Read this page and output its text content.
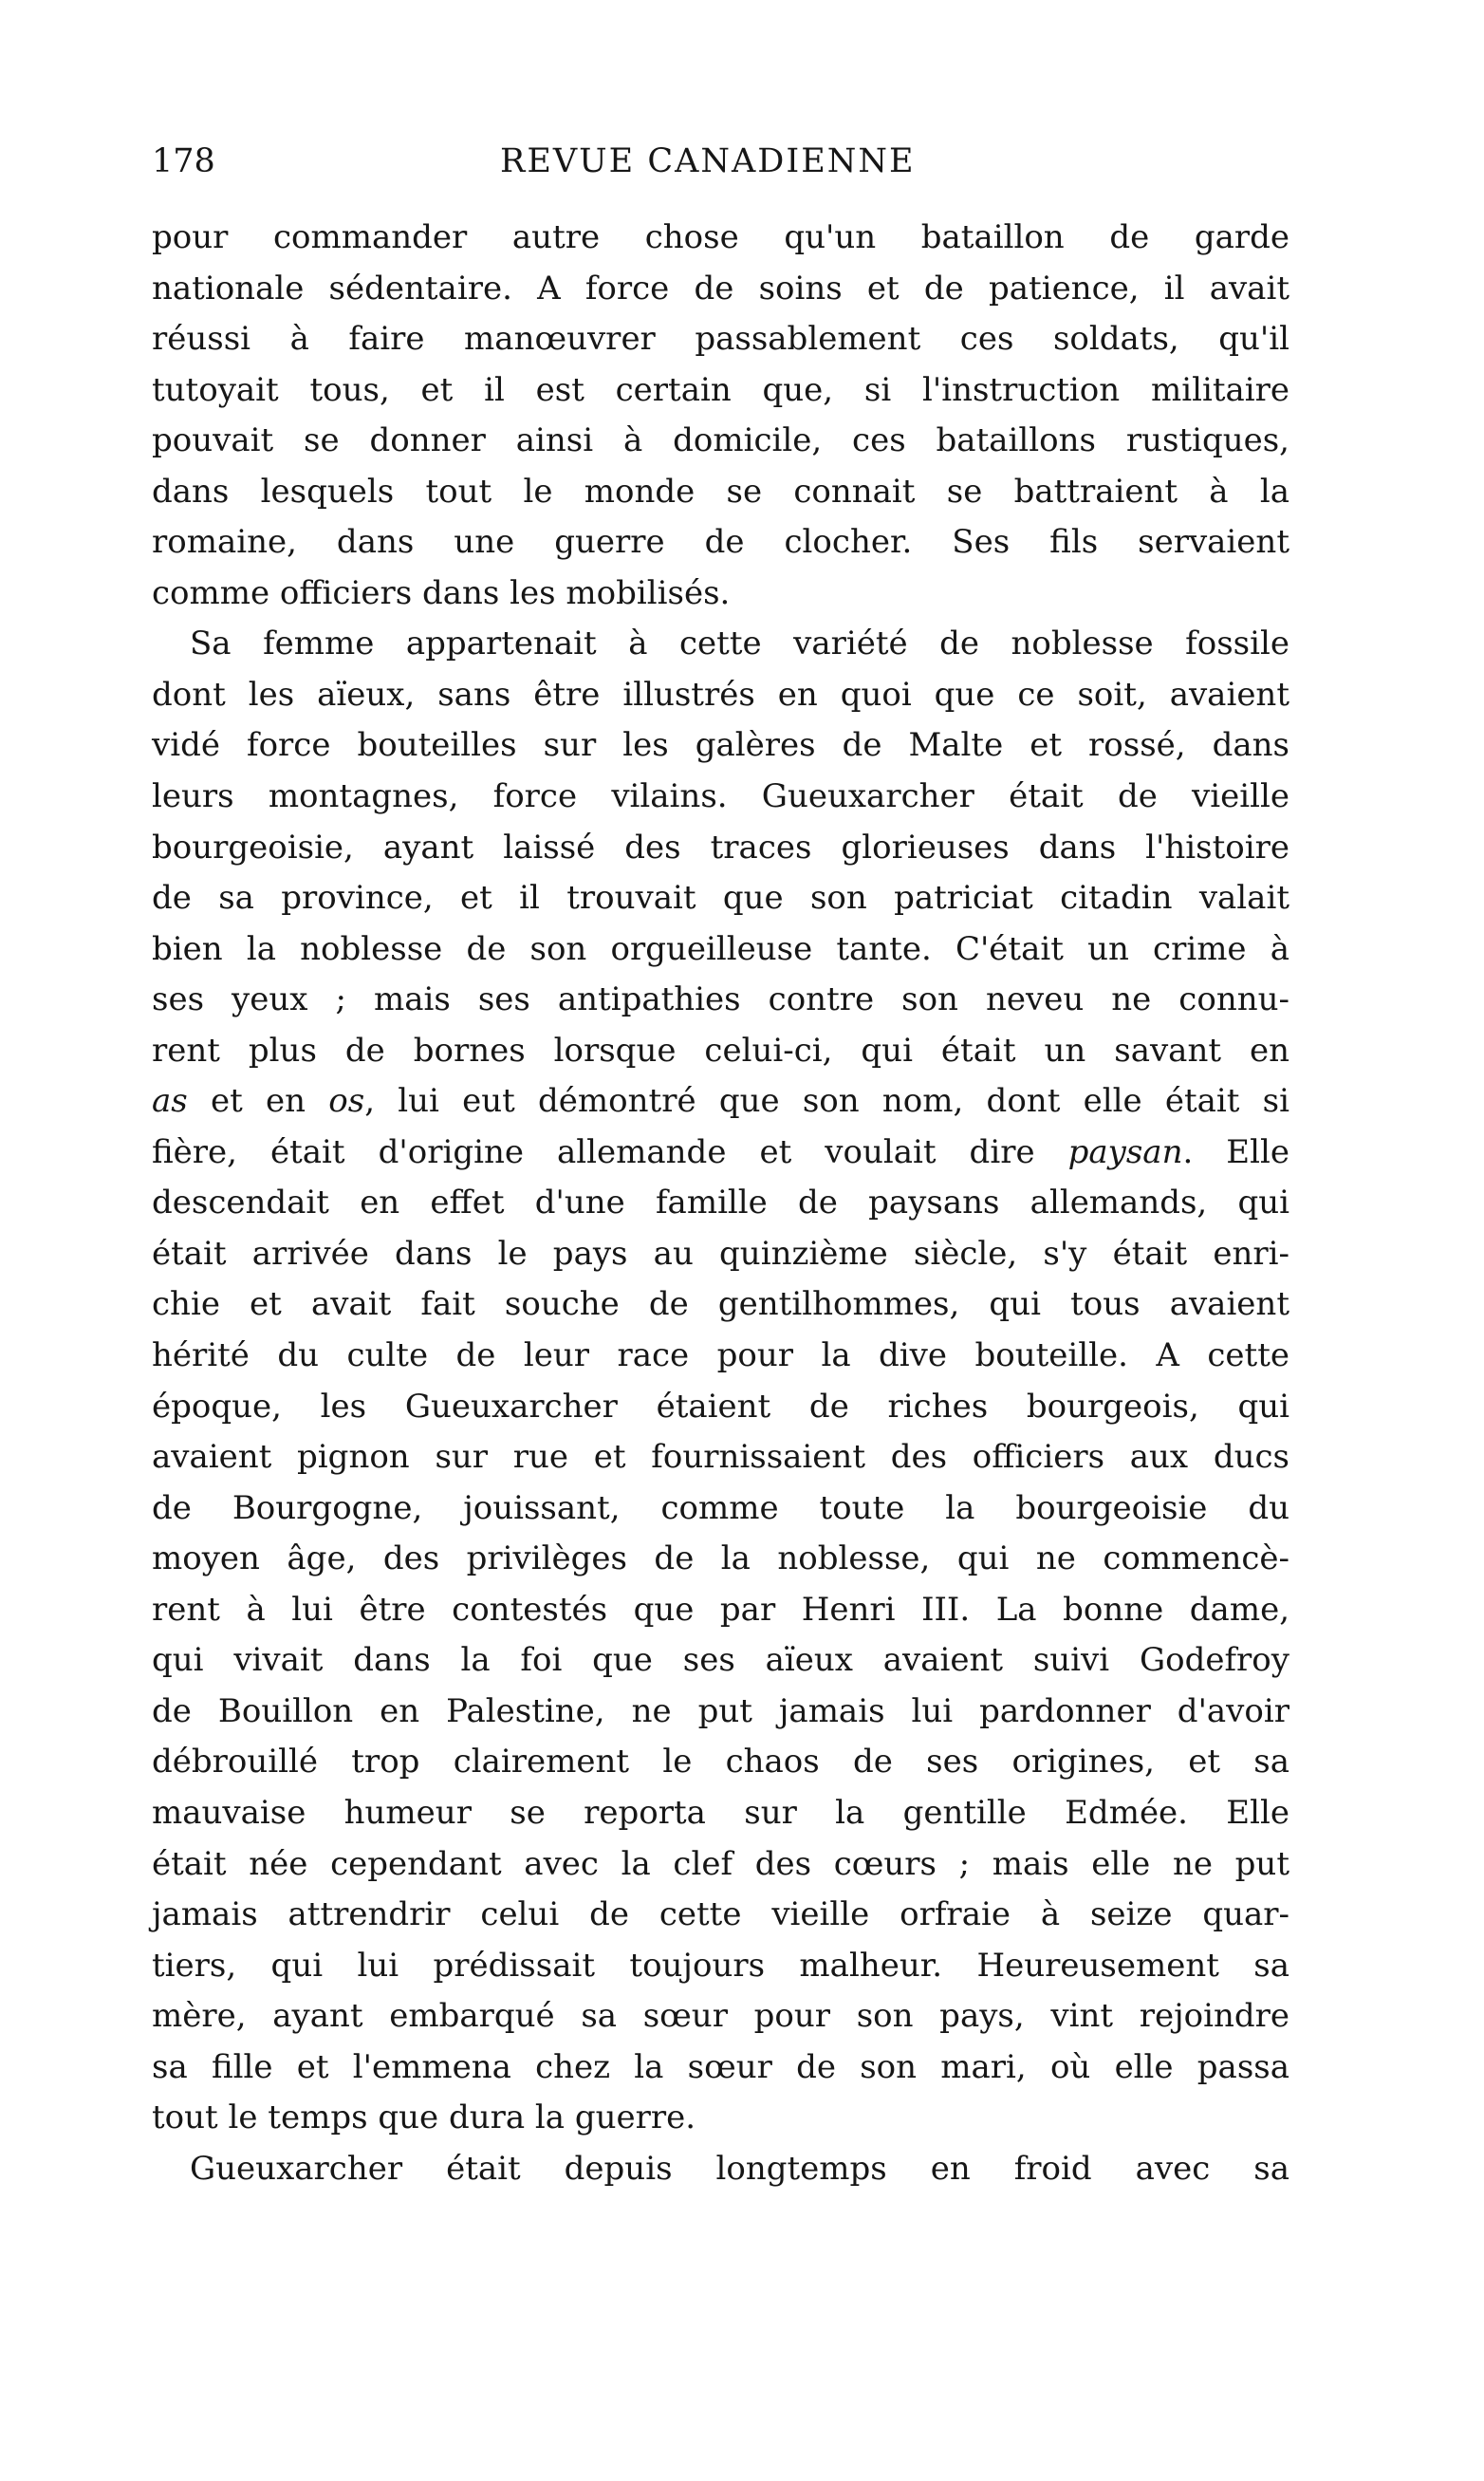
178	REVUE CANADIENNE
pour commander autre chose qu'un bataillon de garde
nationale sédentaire. A force de soins et de patience, il avait
réussi à faire manœuvrer passablement ces soldats, qu'il
tutoyait tous, et il est certain que, si l'instruction militaire
pouvait se donner ainsi à domicile, ces bataillons rustiques,
dans lesquels tout le monde se connait se battraient à la
romaine, dans une guerre de clocher. Ses fils servaient
comme officiers dans les mobilisés.
Sa femme appartenait à cette variété de noblesse fossile
dont les aïeux, sans être illustrés en quoi que ce soit, avaient
vidé force bouteilles sur les galères de Malte et rossé, dans
leurs montagnes, force vilains. Gueuxarcher était de vieille
bourgeoisie, ayant laissé des traces glorieuses dans l'histoire
de sa province, et il trouvait que son patriciat citadin valait
bien la noblesse de son orgueilleuse tante. C'était un crime à
ses yeux ; mais ses antipathies contre son neveu ne connu-
rent plus de bornes lorsque celui-ci, qui était un savant en
as et en os, lui eut démontré que son nom, dont elle était si
fière, était d'origine allemande et voulait dire paysan. Elle
descendait en effet d'une famille de paysans allemands, qui
était arrivée dans le pays au quinzième siècle, s'y était enri-
chie et avait fait souche de gentilhommes, qui tous avaient
hérité du culte de leur race pour la dive bouteille. A cette
époque, les Gueuxarcher étaient de riches bourgeois, qui
avaient pignon sur rue et fournissaient des officiers aux ducs
de Bourgogne, jouissant, comme toute la bourgeoisie du
moyen âge, des privilèges de la noblesse, qui ne commencè-
rent à lui être contestés que par Henri III. La bonne dame,
qui vivait dans la foi que ses aïeux avaient suivi Godefroy
de Bouillon en Palestine, ne put jamais lui pardonner d'avoir
débrouillé trop clairement le chaos de ses origines, et sa
mauvaise humeur se reporta sur la gentille Edmée. Elle
était née cependant avec la clef des cœurs ; mais elle ne put
jamais attrendrir celui de cette vieille orfraie à seize quar-
tiers, qui lui prédissait toujours malheur. Heureusement sa
mère, ayant embarqué sa sœur pour son pays, vint rejoindre
sa fille et l'emmena chez la sœur de son mari, où elle passa
tout le temps que dura la guerre.
Gueuxarcher était depuis longtemps en froid avec sa
